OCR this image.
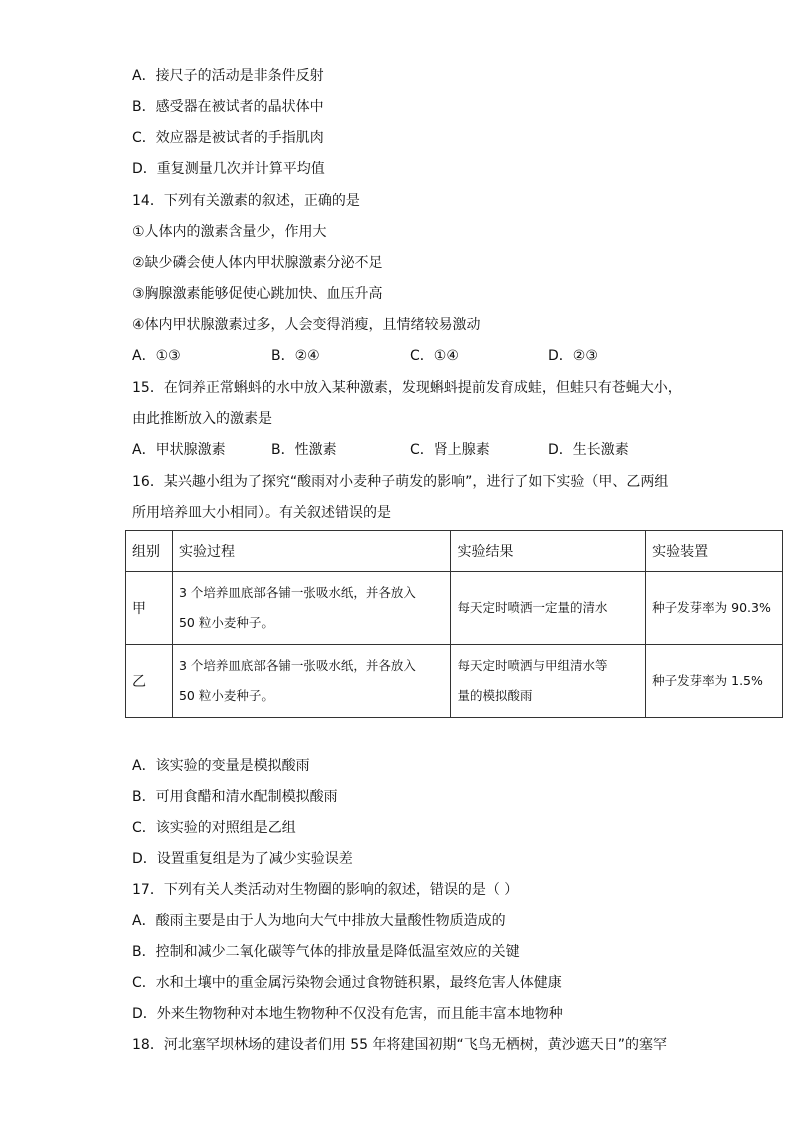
A．接尺子的活动是非条件反射
B．感受器在被试者的晶状体中
C．效应器是被试者的手指肌肉
D．重复测量几次并计算平均值
14．下列有关激素的叙述，正确的是
①人体内的激素含量少，作用大
②缺少磷会使人体内甲状腺激素分泌不足
③胸腺激素能够促使心跳加快、血压升高
④体内甲状腺激素过多，人会变得消瘦，且情绪较易激动
A．①③	B．②④	C．①④	D．②③
15．在饲养正常蝌蚪的水中放入某种激素，发现蝌蚪提前发育成蛙，但蛙只有苍蝇大小，
由此推断放入的激素是
A．甲状腺激素	B．性激素	C．肾上腺素	D．生长激素
16．某兴趣小组为了探究“酸雨对小麦种子萌发的影响”，进行了如下实验（甲、乙两组
所用培养皿大小相同）。有关叙述错误的是
组别	实验过程	实验结果	实验装置
甲	3 个培养皿底部各铺一张吸水纸，并各放入
50 粒小麦种子。	每天定时喷洒一定量的清水	种子发芽率为 90.3%

乙	3 个培养皿底部各铺一张吸水纸，并各放入
50 粒小麦种子。	每天定时喷洒与甲组清水等
量的模拟酸雨	种子发芽率为 1.5%
A．该实验的变量是模拟酸雨
B．可用食醋和清水配制模拟酸雨
C．该实验的对照组是乙组
D．设置重复组是为了减少实验误差
17．下列有关人类活动对生物圈的影响的叙述，错误的是（ ）
A．酸雨主要是由于人为地向大气中排放大量酸性物质造成的
B．控制和减少二氧化碳等气体的排放量是降低温室效应的关键
C．水和土壤中的重金属污染物会通过食物链积累，最终危害人体健康
D．外来生物物种对本地生物物种不仅没有危害，而且能丰富本地物种
18．河北塞罕坝林场的建设者们用 55 年将建国初期“飞鸟无栖树，黄沙遮天日”的塞罕
